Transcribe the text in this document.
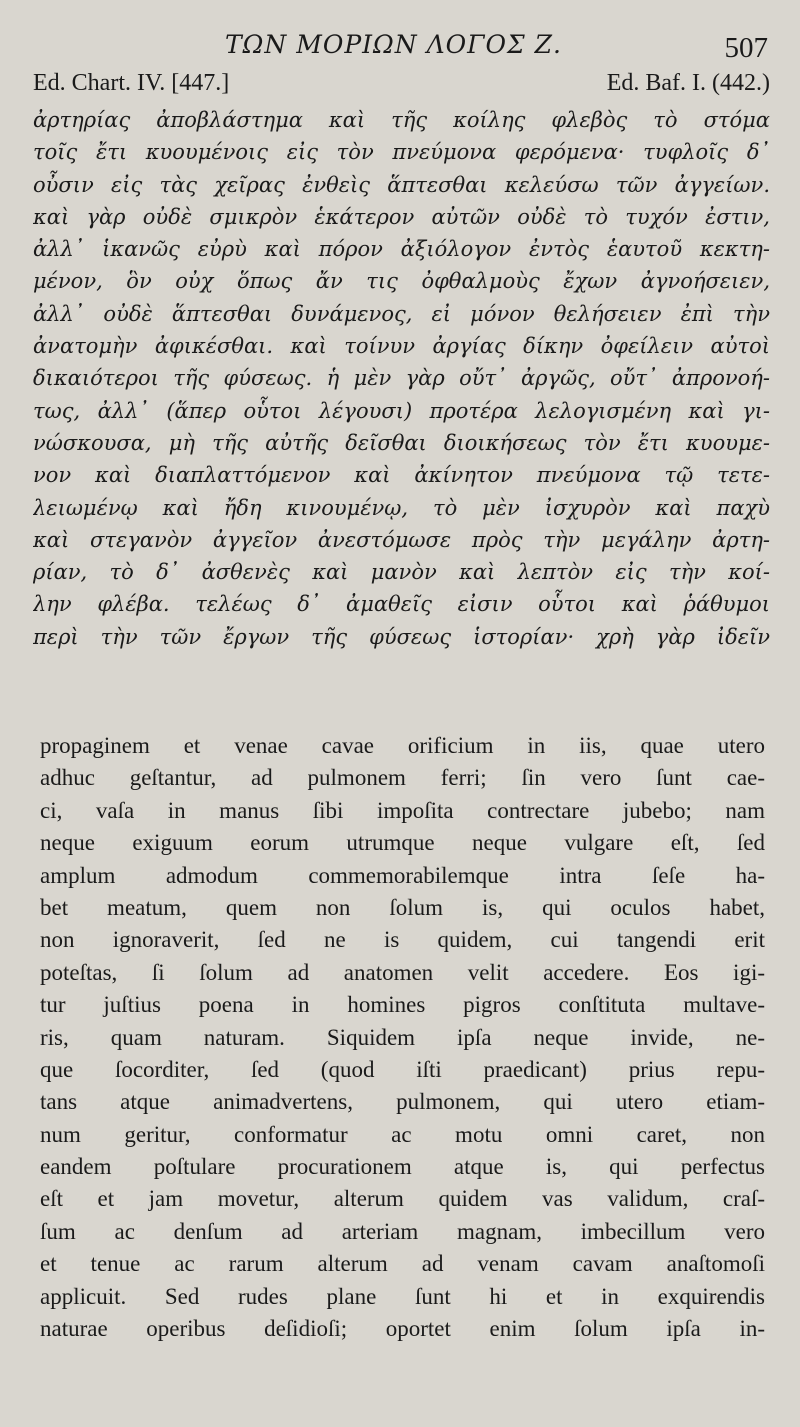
ΤΩΝ ΜΟΡΙΩΝ ΛΟΓΟΣ Ζ.	507
Ed. Chart. IV. [447.]	Ed. Baf. I. (442.)
ἀρτηρίας ἀποβλάστημα καὶ τῆς κοίλης φλεβὸς τὸ στόμα
τοῖς ἔτι κυουμένοις εἰς τὸν πνεύμονα φερόμενα· τυφλοῖς δ᾽
οὖσιν εἰς τὰς χεῖρας ἐνθεὶς ἅπτεσθαι κελεύσω τῶν ἀγγείων.
καὶ γὰρ οὐδὲ σμικρὸν ἑκάτερον αὐτῶν οὐδὲ τὸ τυχόν ἐστιν,
ἀλλ᾽ ἱκανῶς εὐρὺ καὶ πόρον ἀξιόλογον ἐντὸς ἑαυτοῦ κεκτη-
μένον, ὃν οὐχ ὅπως ἄν τις ὀφθαλμοὺς ἔχων ἀγνοήσειεν,
ἀλλ᾽ οὐδὲ ἅπτεσθαι δυνάμενος, εἰ μόνον θελήσειεν ἐπὶ τὴν
ἀνατομὴν ἀφικέσθαι. καὶ τοίνυν ἀργίας δίκην ὀφείλειν αὐτοὶ
δικαιότεροι τῆς φύσεως. ἡ μὲν γὰρ οὔτ᾽ ἀργῶς, οὔτ᾽ ἀπρονοή-
τως, ἀλλ᾽ (ἅπερ οὗτοι λέγουσι) προτέρα λελογισμένη καὶ γι-
νώσκουσα, μὴ τῆς αὐτῆς δεῖσθαι διοικήσεως τὸν ἔτι κυουμε-
νον καὶ διαπλαττόμενον καὶ ἀκίνητον πνεύμονα τῷ τετε-
λειωμένῳ καὶ ἤδη κινουμένῳ, τὸ μὲν ἰσχυρὸν καὶ παχὺ
καὶ στεγανὸν ἀγγεῖον ἀνεστόμωσε πρὸς τὴν μεγάλην ἀρτη-
ρίαν, τὸ δ᾽ ἀσθενὲς καὶ μανὸν καὶ λεπτὸν εἰς τὴν κοί-
λην φλέβα. τελέως δ᾽ ἀμαθεῖς εἰσιν οὗτοι καὶ ῥάθυμοι
περὶ τὴν τῶν ἔργων τῆς φύσεως ἱστορίαν· χρὴ γὰρ ἰδεῖν
propaginem et venae cavae orificium in iis, quae utero
adhuc geſtantur, ad pulmonem ferri; ſin vero ſunt cae-
ci, vaſa in manus ſibi impoſita contrectare jubebo; nam
neque exiguum eorum utrumque neque vulgare eſt, ſed
amplum admodum commemorabilemque intra ſeſe ha-
bet meatum, quem non ſolum is, qui oculos habet,
non ignoraverit, ſed ne is quidem, cui tangendi erit
poteſtas, ſi ſolum ad anatomen velit accedere. Eos igi-
tur juſtius poena in homines pigros conſtituta multave-
ris, quam naturam. Siquidem ipſa neque invide, ne-
que ſocorditer, ſed (quod iſti praedicant) prius repu-
tans atque animadvertens, pulmonem, qui utero etiam-
num geritur, conformatur ac motu omni caret, non
eandem poſtulare procurationem atque is, qui perfectus
eſt et jam movetur, alterum quidem vas validum, craſ-
ſum ac denſum ad arteriam magnam, imbecillum vero
et tenue ac rarum alterum ad venam cavam anaſtomoſi
applicuit. Sed rudes plane ſunt hi et in exquirendis
naturae operibus deſidioſi; oportet enim ſolum ipſa in-
